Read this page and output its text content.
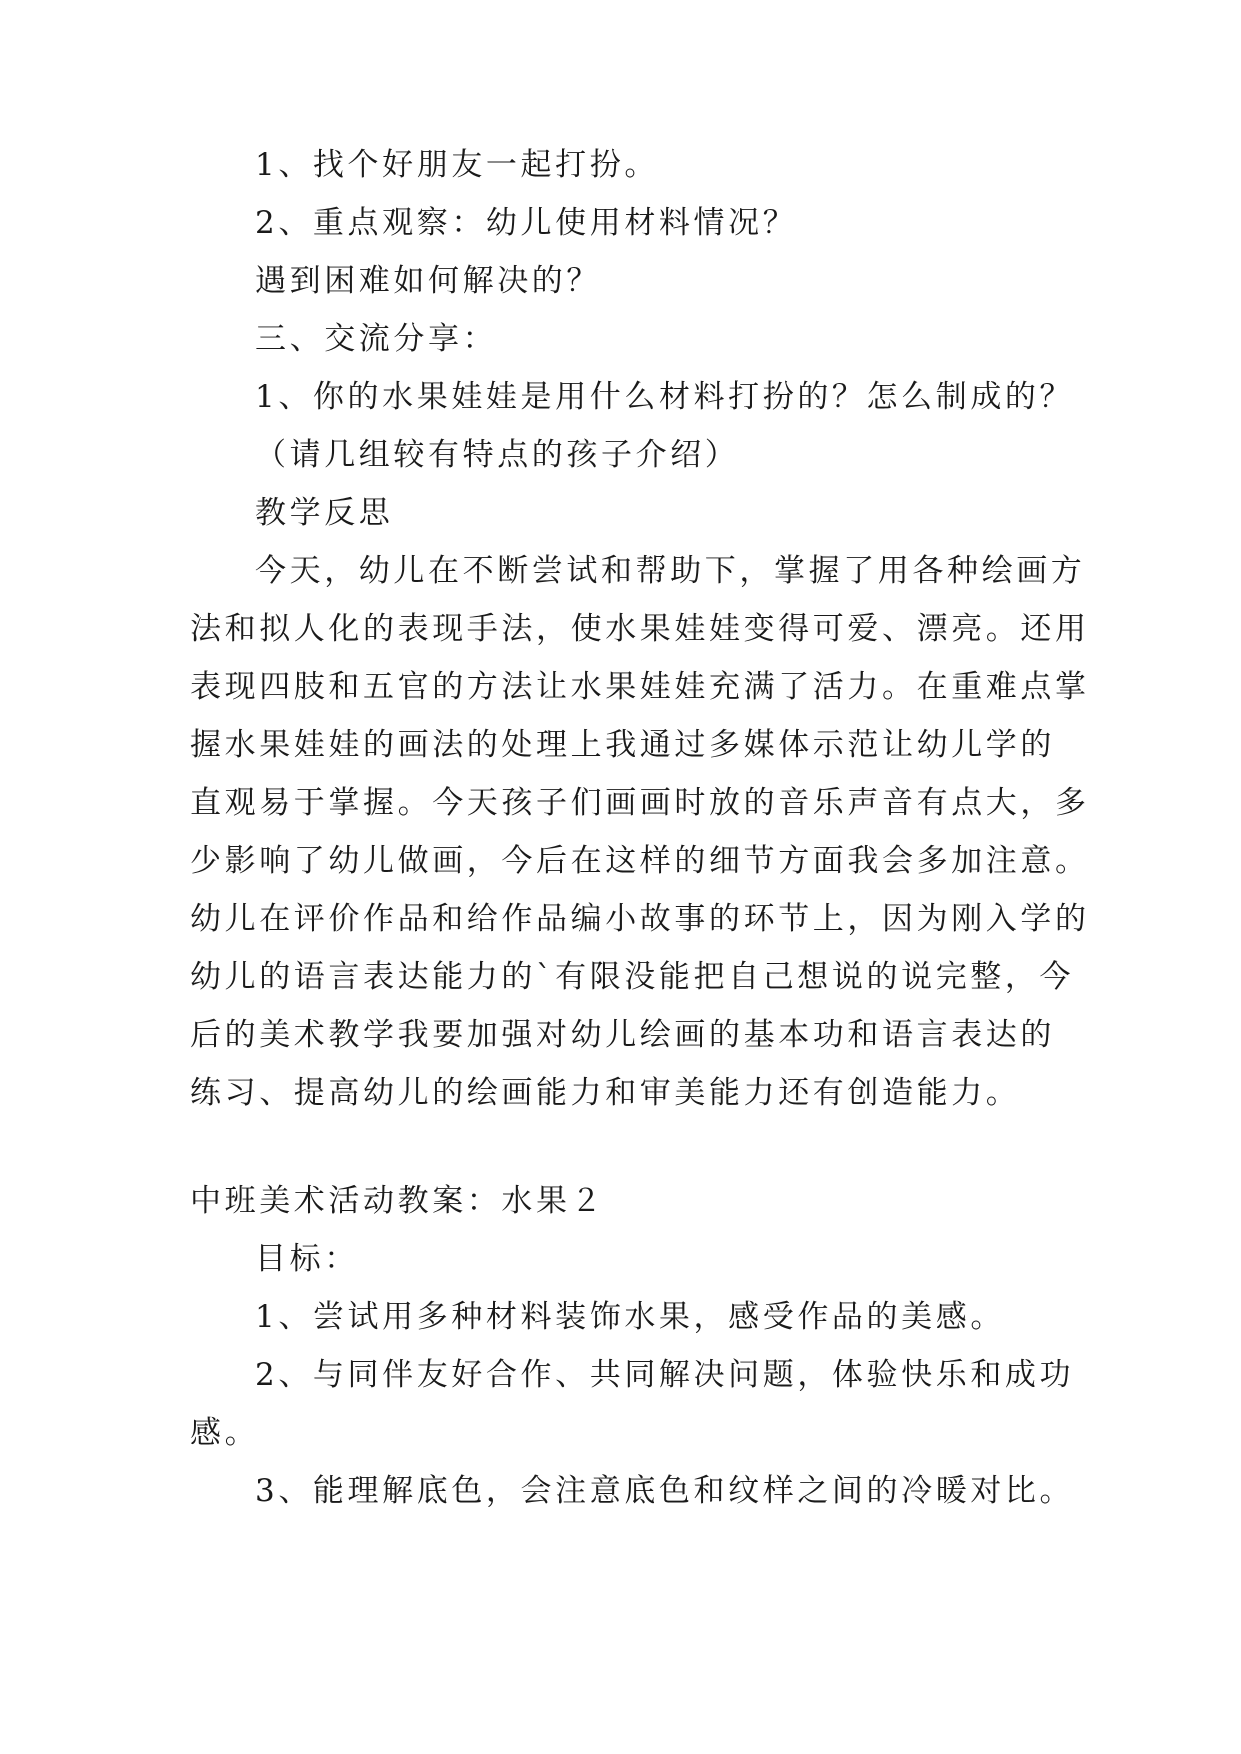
1、找个好朋友一起打扮。
2、重点观察：幼儿使用材料情况？
遇到困难如何解决的？
三、交流分享：
1、你的水果娃娃是用什么材料打扮的？怎么制成的？
（请几组较有特点的孩子介绍）
教学反思
今天，幼儿在不断尝试和帮助下，掌握了用各种绘画方
法和拟人化的表现手法，使水果娃娃变得可爱、漂亮。还用
表现四肢和五官的方法让水果娃娃充满了活力。在重难点掌
握水果娃娃的画法的处理上我通过多媒体示范让幼儿学的
直观易于掌握。今天孩子们画画时放的音乐声音有点大，多
少影响了幼儿做画，今后在这样的细节方面我会多加注意。
幼儿在评价作品和给作品编小故事的环节上，因为刚入学的
幼儿的语言表达能力的`有限没能把自己想说的说完整，今
后的美术教学我要加强对幼儿绘画的基本功和语言表达的
练习、提高幼儿的绘画能力和审美能力还有创造能力。
中班美术活动教案：水果２
目标：
1、尝试用多种材料装饰水果，感受作品的美感。
2、与同伴友好合作、共同解决问题，体验快乐和成功
感。
3、能理解底色，会注意底色和纹样之间的冷暖对比。
